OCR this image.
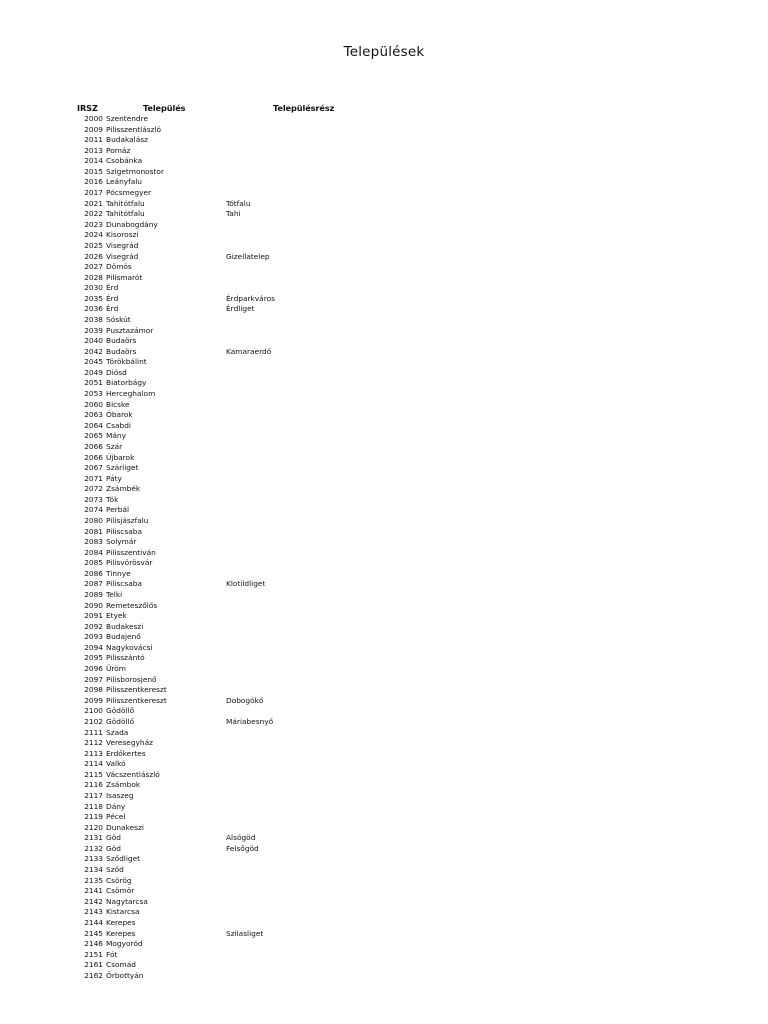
Települések
IRSZ	Település	Településrész
2000 Szentendre
2009 Pilisszentlászló
2011 Budakalász
2013 Pomáz
2014 Csobánka
2015 Szigetmonostor
2016 Leányfalu
2017 Pócsmegyer
2021 Tahitótfalu	Tótfalu
2022 Tahitótfalu	Tahi
2023 Dunabogdány
2024 Kisoroszi
2025 Visegrád
2026 Visegrád	Gizellatelep
2027 Dömös
2028 Pilismarót
2030 Érd
2035 Érd	Érdparkváros
2036 Érd	Érdliget
2038 Sóskút
2039 Pusztazámor
2040 Budaörs
2042 Budaörs	Kamaraerdő
2045 Törökbálint
2049 Diósd
2051 Biatorbágy
2053 Herceghalom
2060 Bicske
2063 Óbarok
2064 Csabdi
2065 Mány
2066 Szár
2066 Újbarok
2067 Szárliget
2071 Páty
2072 Zsámbék
2073 Tök
2074 Perbál
2080 Pilisjászfalu
2081 Piliscsaba
2083 Solymár
2084 Pilisszentiván
2085 Pilisvörösvár
2086 Tinnye
2087 Piliscsaba	Klotildliget
2089 Telki
2090 Remeteszőlős
2091 Etyek
2092 Budakeszi
2093 Budajenő
2094 Nagykovácsi
2095 Pilisszántó
2096 Üröm
2097 Pilisborosjenő
2098 Pilisszentkereszt
2099 Pilisszentkereszt	Dobogókő
2100 Gödöllő
2102 Gödöllő	Máriabesnyő
2111 Szada
2112 Veresegyház
2113 Erdőkertes
2114 Valkó
2115 Vácszentlászló
2116 Zsámbok
2117 Isaszeg
2118 Dány
2119 Pécel
2120 Dunakeszi
2131 Göd	Alsógöd
2132 Göd	Felsőgöd
2133 Sződliget
2134 Sződ
2135 Csörög
2141 Csömör
2142 Nagytarcsa
2143 Kistarcsa
2144 Kerepes
2145 Kerepes	Szilasliget
2146 Mogyoród
2151 Fót
2161 Csomád
2162 Őrbottyán
